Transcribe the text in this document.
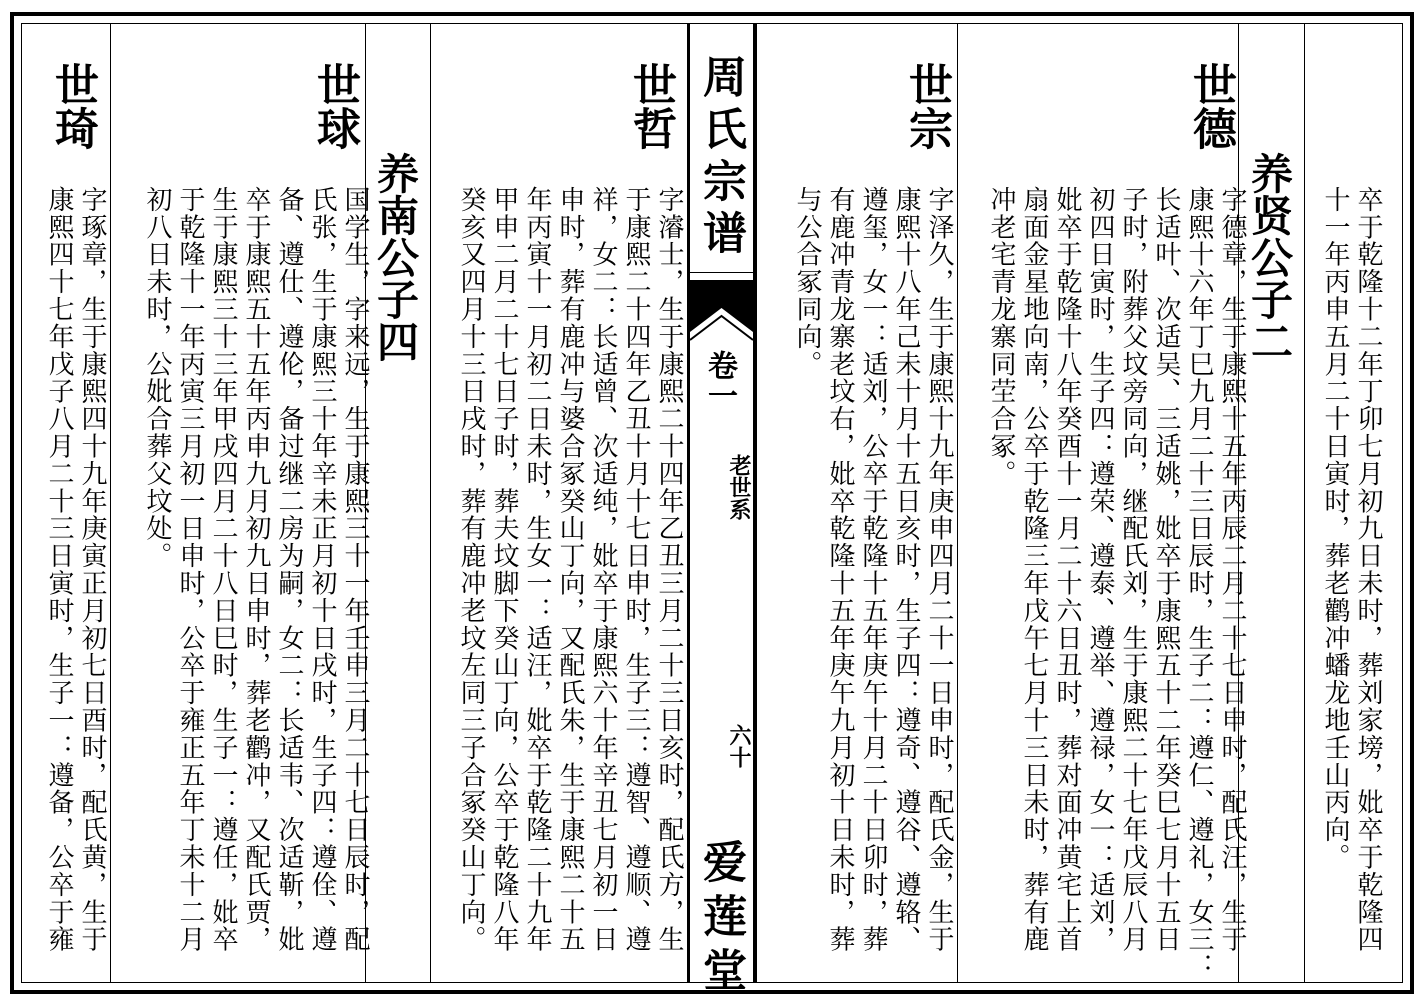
卒于乾隆十二年丁卯七月初九日未时，葬刘家塝，妣卒于乾隆四
十一年丙申五月二十日寅时，葬老鹳冲蟠龙地壬山丙向。
养贤公子二
世德
字德章，生于康熙十五年丙辰二月二十七日申时，配氏汪，生于
康熙十六年丁巳九月二十三日辰时，生子二：遵仁、遵礼，女三：
长适叶、次适吴、三适姚，妣卒于康熙五十二年癸巳七月十五日
子时，附葬父坟旁同向，继配氏刘，生于康熙二十七年戊辰八月
初四日寅时，生子四：遵荣、遵泰、遵举、遵禄，女一：适刘，
妣卒于乾隆十八年癸酉十一月二十六日丑时，葬对面冲黄宅上首
扇面金星地向南，公卒于乾隆三年戊午七月十三日未时，葬有鹿
冲老宅青龙寨同茔合冢。
世宗
字泽久，生于康熙十九年庚申四月二十一日申时，配氏金，生于
康熙十八年己未十月十五日亥时，生子四：遵奇、遵谷、遵辂、
遵玺，女一：适刘，公卒于乾隆十五年庚午十月二十日卯时，葬
有鹿冲青龙寨老坟右，妣卒乾隆十五年庚午九月初十日未时，葬
与公合冢同向。
周氏宗谱
卷一
老世系
六十
爱莲堂
世哲
字濬士，生于康熙二十四年乙丑三月二十三日亥时，配氏方，生
于康熙二十四年乙丑十月十七日申时，生子三：遵智、遵顺、遵
祥，女二：长适曾、次适纯，妣卒于康熙六十年辛丑七月初一日
申时，葬有鹿冲与婆合冢癸山丁向，又配氏朱，生于康熙二十五
年丙寅十一月初二日未时，生女一：适汪，妣卒于乾隆二十九年
甲申二月二十七日子时，葬夫坟脚下癸山丁向，公卒于乾隆八年
癸亥又四月十三日戌时，葬有鹿冲老坟左同三子合冢癸山丁向。
养南公子四
世球
国学生，字来远，生于康熙三十一年壬申三月二十七日辰时，配
氏张，生于康熙三十年辛未正月初十日戌时，生子四：遵佺、遵
备、遵仕、遵伦，备过继二房为嗣，女二：长适韦、次适靳，妣
卒于康熙五十五年丙申九月初九日申时，葬老鹳冲，又配氏贾，
生于康熙三十三年甲戌四月二十八日巳时，生子一：遵任，妣卒
于乾隆十一年丙寅三月初一日申时，公卒于雍正五年丁未十二月
初八日未时，公妣合葬父坟处。
世琦
字琢章，生于康熙四十九年庚寅正月初七日酉时，配氏黄，生于
康熙四十七年戊子八月二十三日寅时，生子一：遵备，公卒于雍
